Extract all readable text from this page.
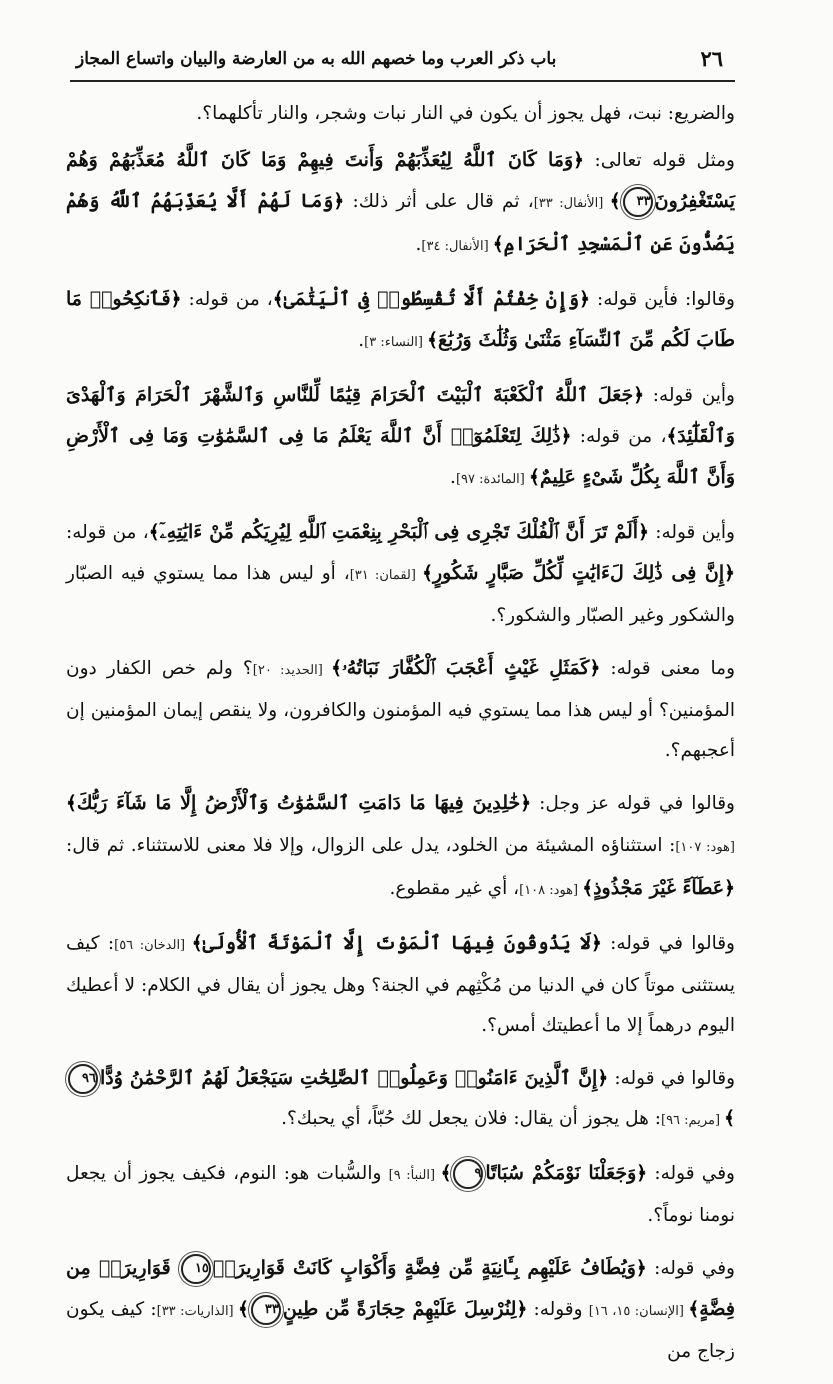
٢٦
باب ذكر العرب وما خصهم الله به من العارضة والبيان واتساع المجاز

والضريع: نبت، فهل يجوز أن يكون في النار نبات وشجر، والنار تأكلهما؟.

ومثل قوله تعالى: ﴿وَمَا كَانَ ٱللَّهُ لِيُعَذِّبَهُمْ وَأَنتَ فِيهِمْ وَمَا كَانَ ٱللَّهُ مُعَذِّبَهُمْ وَهُمْ يَسْتَغْفِرُونَ٣٣﴾ [الأنفال: ٣٣]، ثم قال على أثر ذلك: ﴿وَمَا لَهُمْ أَلَّا يُعَذِّبَهُمُ ٱللَّهُ وَهُمْ يَصُدُّونَ عَنِ ٱلْمَسْجِدِ ٱلْحَرَامِ﴾ [الأنفال: ٣٤].

وقالوا: فأين قوله: ﴿وَإِنْ خِفْتُمْ أَلَّا تُقْسِطُوا۟ فِى ٱلْيَتَٰمَىٰ﴾، من قوله: ﴿فَٱنكِحُوا۟ مَا طَابَ لَكُم مِّنَ ٱلنِّسَآءِ مَثْنَىٰ وَثُلَٰثَ وَرُبَٰعَ﴾ [النساء: ٣].

وأين قوله: ﴿جَعَلَ ٱللَّهُ ٱلْكَعْبَةَ ٱلْبَيْتَ ٱلْحَرَامَ قِيَٰمًا لِّلنَّاسِ وَٱلشَّهْرَ ٱلْحَرَامَ وَٱلْهَدْىَ وَٱلْقَلَٰٓئِدَ﴾، من قوله: ﴿ذَٰلِكَ لِتَعْلَمُوٓا۟ أَنَّ ٱللَّهَ يَعْلَمُ مَا فِى ٱلسَّمَٰوَٰتِ وَمَا فِى ٱلْأَرْضِ وَأَنَّ ٱللَّهَ بِكُلِّ شَىْءٍ عَلِيمٌ﴾ [المائدة: ٩٧].

وأين قوله: ﴿أَلَمْ تَرَ أَنَّ ٱلْفُلْكَ تَجْرِى فِى ٱلْبَحْرِ بِنِعْمَتِ ٱللَّهِ لِيُرِيَكُم مِّنْ ءَايَٰتِهِۦٓ﴾، من قوله: ﴿إِنَّ فِى ذَٰلِكَ لَءَايَٰتٍ لِّكُلِّ صَبَّارٍ شَكُورٍ﴾ [لقمان: ٣١]، أو ليس هذا مما يستوي فيه الصبّار والشكور وغير الصبّار والشكور؟.

وما معنى قوله: ﴿كَمَثَلِ غَيْثٍ أَعْجَبَ ٱلْكُفَّارَ نَبَاتُهُۥ﴾ [الحديد: ٢٠]؟ ولم خص الكفار دون المؤمنين؟ أو ليس هذا مما يستوي فيه المؤمنون والكافرون، ولا ينقص إيمان المؤمنين إن أعجبهم؟.

وقالوا في قوله عز وجل: ﴿خَٰلِدِينَ فِيهَا مَا دَامَتِ ٱلسَّمَٰوَٰتُ وَٱلْأَرْضُ إِلَّا مَا شَآءَ رَبُّكَ﴾ [هود: ١٠٧]: استثناؤه المشيئة من الخلود، يدل على الزوال، وإلا فلا معنى للاستثناء. ثم قال: ﴿عَطَآءً غَيْرَ مَجْذُوذٍ﴾ [هود: ١٠٨]، أي غير مقطوع.

وقالوا في قوله: ﴿لَا يَذُوقُونَ فِيهَا ٱلْمَوْتَ إِلَّا ٱلْمَوْتَةَ ٱلْأُولَىٰ﴾ [الدخان: ٥٦]: كيف يستثنى موتاً كان في الدنيا من مُكْثِهم في الجنة؟ وهل يجوز أن يقال في الكلام: لا أعطيك اليوم درهماً إلا ما أعطيتك أمس؟.

وقالوا في قوله: ﴿إِنَّ ٱلَّذِينَ ءَامَنُوا۟ وَعَمِلُوا۟ ٱلصَّٰلِحَٰتِ سَيَجْعَلُ لَهُمُ ٱلرَّحْمَٰنُ وُدًّا٩٦﴾ [مريم: ٩٦]: هل يجوز أن يقال: فلان يجعل لك حُبّاً، أي يحبك؟.

وفي قوله: ﴿وَجَعَلْنَا نَوْمَكُمْ سُبَاتًا٩﴾ [النبأ: ٩] والسُّبات هو: النوم، فكيف يجوز أن يجعل نومنا نوماً؟.

وفي قوله: ﴿وَيُطَافُ عَلَيْهِم بِـَٔانِيَةٍ مِّن فِضَّةٍ وَأَكْوَابٍ كَانَتْ قَوَارِيرَا۠١٥ قَوَارِيرَا۟ مِن فِضَّةٍ﴾ [الإنسان: ١٥، ١٦] وقوله: ﴿لِنُرْسِلَ عَلَيْهِمْ حِجَارَةً مِّن طِينٍ٣٣﴾ [الذاريات: ٣٣]: كيف يكون زجاج من
